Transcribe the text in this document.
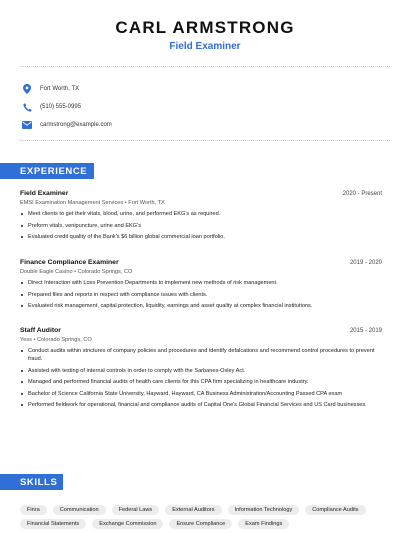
CARL ARMSTRONG
Field Examiner
Fort Worth, TX
(510) 555-0995
carmstrong@example.com
EXPERIENCE
Field Examiner	2020 - Present
EMSI Examination Management Services • Fort Worth, TX
Meet clients to get their vitals, blood, urine, and performed EKG's as required.
Preform vitals, venipuncture, urine and EKG's
Evaluated credit quality of the Bank's $6 billion global commercial loan portfolio.
Finance Compliance Examiner	2019 - 2020
Double Eagle Casino • Colorado Springs, CO
Direct Interaction with Loss Prevention Departments to implement new methods of risk management.
Prepared files and reports in respect with compliance issues with clients.
Evaluated risk management, capital protection, liquidity, earnings and asset quality at complex financial institutions.
Staff Auditor	2015 - 2019
Yess • Colorado Springs, CO
Conduct audits within strictures of company policies and procedures and identify defalcations and recommend control procedures to prevent fraud.
Assisted with testing of internal controls in order to comply with the Sarbanes-Oxley Act.
Managed and performed financial audits of health care clients for this CPA firm specializing in healthcare industry.
Bachelor of Science California State University, Hayward, Hayward, CA Business Administration/Accounting Passed CPA exam
Performed fieldwork for operational, financial and compliance audits of Capital One's Global Financial Services and US Card businesses.
SKILLS
Finra	Communication	Federal Laws	External Auditors	Information Technology	Compliance Audits
Financial Statements	Exchange Commission	Ensure Compliance	Exam Findings
